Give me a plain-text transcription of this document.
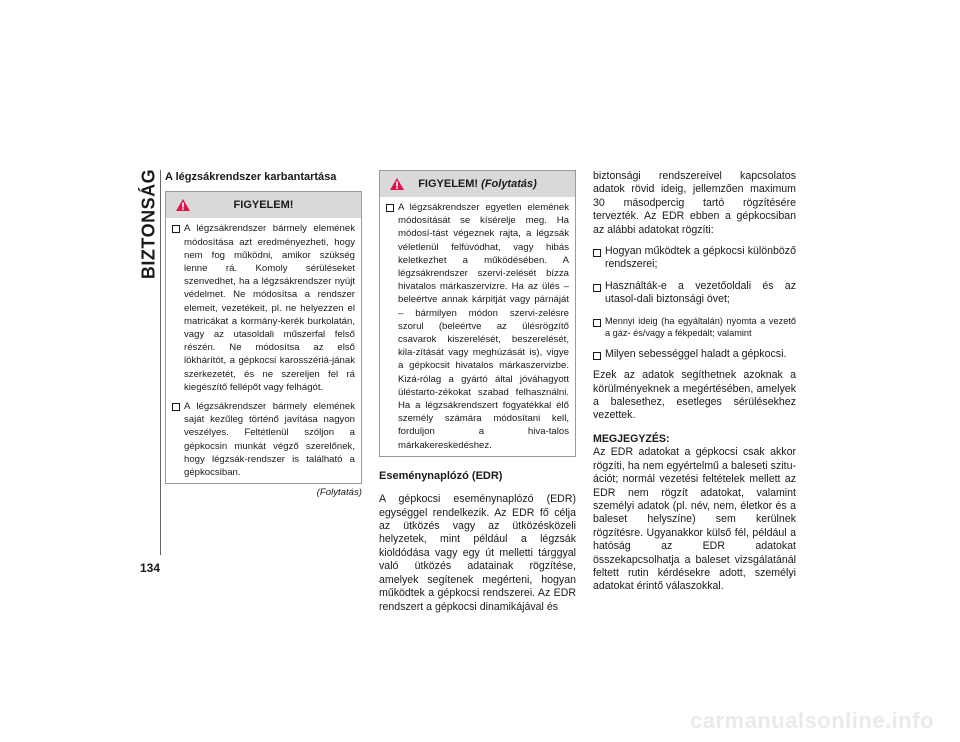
BIZTONSÁG
134
A légzsákrendszer karbantartása
FIGYELEM!
A légzsákrendszer bármely elemének módosítása azt eredményezheti, hogy nem fog működni, amikor szükség lenne rá. Komoly sérüléseket szenvedhet, ha a légzsákrendszer nyújt védelmet. Ne módosítsa a rendszer elemeit, vezetékeit, pl. ne helyezzen el matricákat a kormány-kerék burkolatán, vagy az utasoldali műszerfal felső részén. Ne módosítsa az első lökhárítót, a gépkocsi karosszériá-jának szerkezetét, és ne szereljen fel rá kiegészítő fellépőt vagy felhágót.
A légzsákrendszer bármely elemének saját kezűleg történő javítása nagyon veszélyes. Feltétlenül szóljon a gépkocsin munkát végző szerelőnek, hogy légzsák-rendszer is található a gépkocsiban.
(Folytatás)
FIGYELEM! (Folytatás)
A légzsákrendszer egyetlen elemének módosítását se kísérelje meg. Ha módosí-tást végeznek rajta, a légzsák véletlenül felfúvódhat, vagy hibás keletkezhet a működésében. A légzsákrendszer szervi-zelését bízza hivatalos márkaszervizre. Ha az ülés – beleértve annak kárpitját vagy párnáját – bármilyen módon szervi-zelésre szorul (beleértve az ülésrögzítő csavarok kiszerelését, beszerelését, kila-zítását vagy meghúzását is), vigye a gépkocsit hivatalos márkaszervizbe. Kizá-rólag a gyártó által jóváhagyott üléstarto-zékokat szabad felhasználni. Ha a légzsákrendszert fogyatékkal élő személy számára módosítani kell, forduljon a hiva-talos márkakereskedéshez.
Eseménynaplózó (EDR)

A gépkocsi eseménynaplózó (EDR) egységgel rendelkezik. Az EDR fő célja az ütközés vagy az ütközésközeli helyzetek, mint például a légzsák kioldódása vagy egy út melletti tárggyal való ütközés adatainak rögzítése, amelyek segítenek megérteni, hogyan működtek a gépkocsi rendszerei. Az EDR rendszert a gépkocsi dinamikájával és

biztonsági rendszereivel kapcsolatos adatok rövid ideig, jellemzően maximum 30 másodpercig tartó rögzítésére tervezték. Az EDR ebben a gépkocsiban az alábbi adatokat rögzíti:

Hogyan működtek a gépkocsi különböző rendszerei;
Használták-e a vezetőoldali és az utasol-dali biztonsági övet;
Mennyi ideig (ha egyáltalán) nyomta a vezető a gáz- és/vagy a fékpedált; valamint
Milyen sebességgel haladt a gépkocsi.

Ezek az adatok segíthetnek azoknak a körülményeknek a megértésében, amelyek a balesethez, esetleges sérülésekhez vezettek.

MEGJEGYZÉS:

Az EDR adatokat a gépkocsi csak akkor rögzíti, ha nem egyértelmű a baleseti szitu-ációt; normál vezetési feltételek mellett az EDR nem rögzít adatokat, valamint személyi adatok (pl. név, nem, életkor és a baleset helyszíne) sem kerülnek rögzítésre. Ugyanakkor külső fél, például a hatóság az EDR adatokat összekapcsolhatja a baleset vizsgálatánál feltett rutin kérdésekre adott, személyi adatokat érintő válaszokkal.

carmanualsonline.info
